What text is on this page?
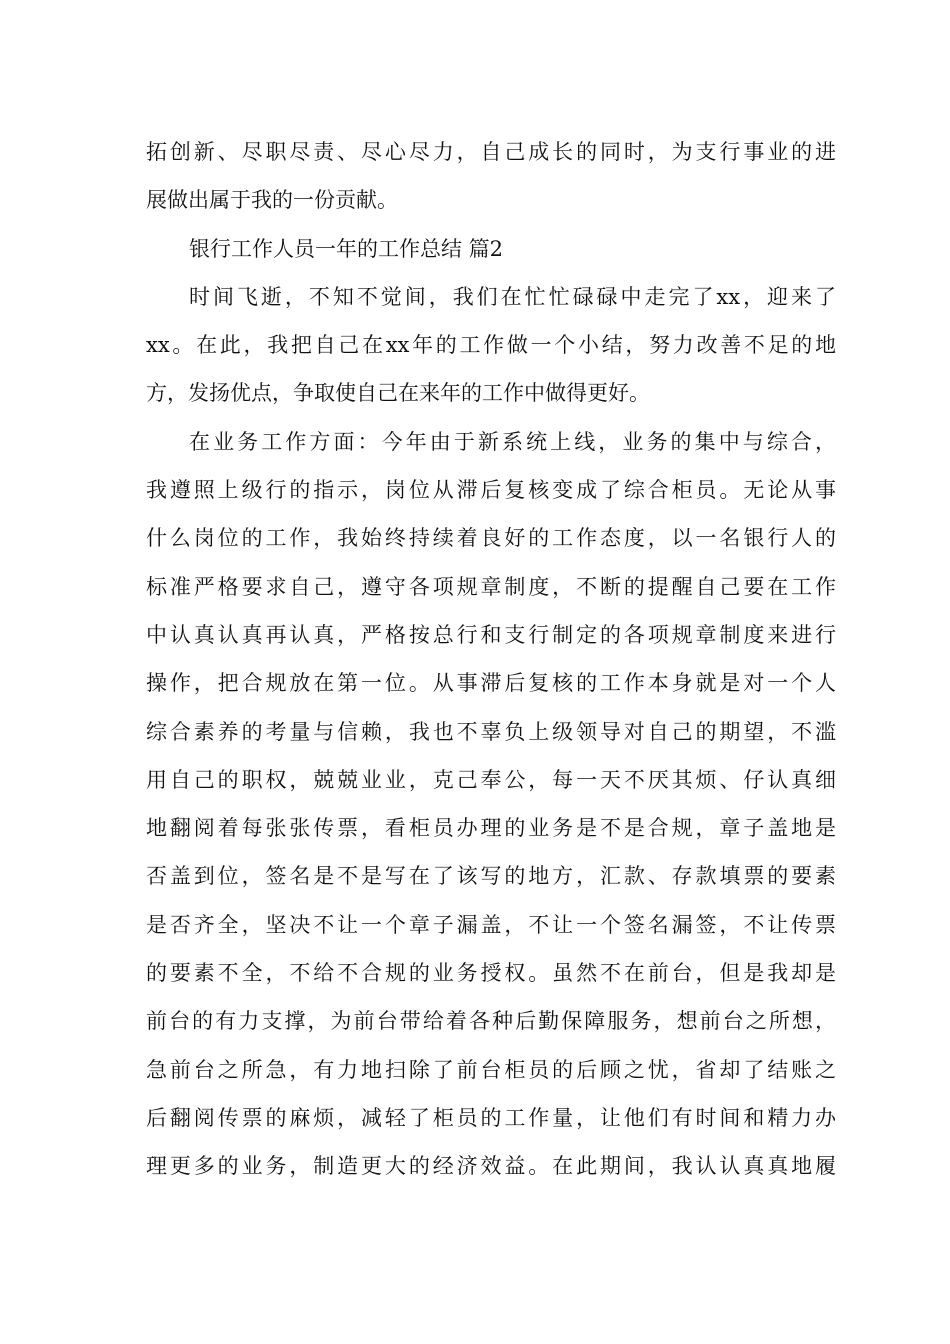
拓创新、尽职尽责、尽心尽力，自己成长的同时，为支行事业的进
展做出属于我的一份贡献。
银行工作人员一年的工作总结 篇2
时间飞逝，不知不觉间，我们在忙忙碌碌中走完了xx，迎来了
xx。在此，我把自己在xx年的工作做一个小结，努力改善不足的地
方，发扬优点，争取使自己在来年的工作中做得更好。
在业务工作方面：今年由于新系统上线，业务的集中与综合，
我遵照上级行的指示，岗位从滞后复核变成了综合柜员。无论从事
什么岗位的工作，我始终持续着良好的工作态度，以一名银行人的
标准严格要求自己，遵守各项规章制度，不断的提醒自己要在工作
中认真认真再认真，严格按总行和支行制定的各项规章制度来进行
操作，把合规放在第一位。从事滞后复核的工作本身就是对一个人
综合素养的考量与信赖，我也不辜负上级领导对自己的期望，不滥
用自己的职权，兢兢业业，克己奉公，每一天不厌其烦、仔认真细
地翻阅着每张张传票，看柜员办理的业务是不是合规，章子盖地是
否盖到位，签名是不是写在了该写的地方，汇款、存款填票的要素
是否齐全，坚决不让一个章子漏盖，不让一个签名漏签，不让传票
的要素不全，不给不合规的业务授权。虽然不在前台，但是我却是
前台的有力支撑，为前台带给着各种后勤保障服务，想前台之所想，
急前台之所急，有力地扫除了前台柜员的后顾之忧，省却了结账之
后翻阅传票的麻烦，减轻了柜员的工作量，让他们有时间和精力办
理更多的业务，制造更大的经济效益。在此期间，我认认真真地履
